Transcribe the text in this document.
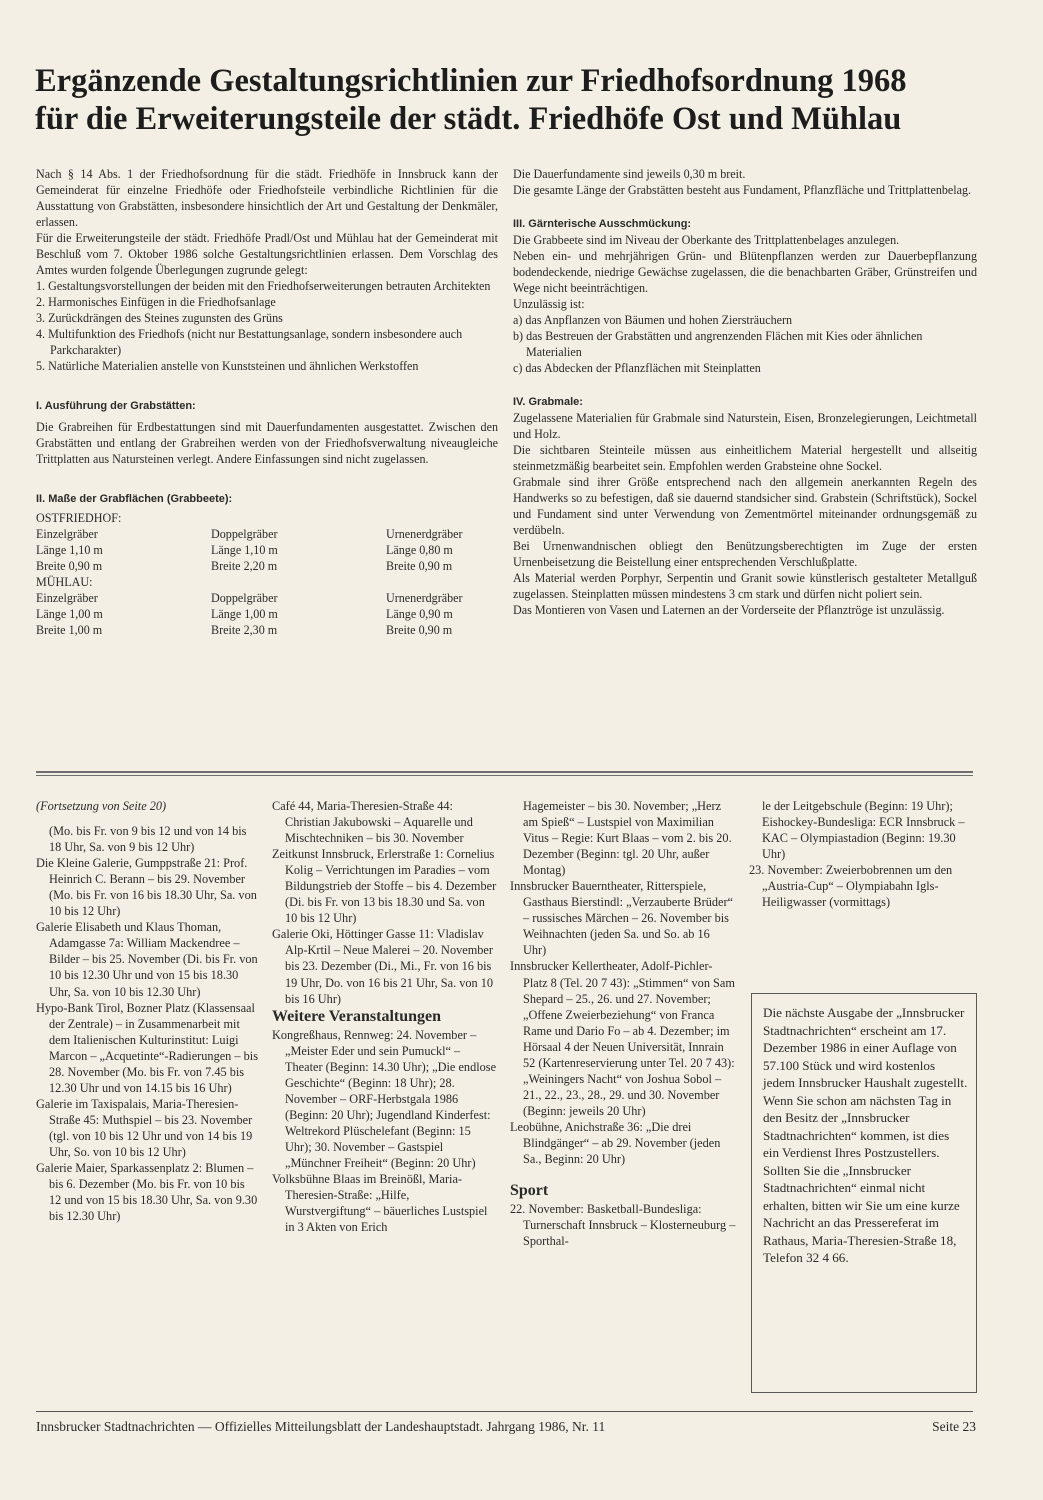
Ergänzende Gestaltungsrichtlinien zur Friedhofsordnung 1968
für die Erweiterungsteile der städt. Friedhöfe Ost und Mühlau

Nach § 14 Abs. 1 der Friedhofsordnung für die städt. Friedhöfe in Innsbruck kann der Gemeinderat für einzelne Friedhöfe oder Friedhofsteile verbindliche Richtlinien für die Ausstattung von Grabstätten, insbesondere hinsichtlich der Art und Gestaltung der Denkmäler, erlassen.

Für die Erweiterungsteile der städt. Friedhöfe Pradl/Ost und Mühlau hat der Gemeinderat mit Beschluß vom 7. Oktober 1986 solche Gestaltungsrichtlinien erlassen. Dem Vorschlag des Amtes wurden folgende Überlegungen zugrunde gelegt:

1. Gestaltungsvorstellungen der beiden mit den Friedhofserweiterungen betrauten Architekten
2. Harmonisches Einfügen in die Friedhofsanlage
3. Zurückdrängen des Steines zugunsten des Grüns
4. Multifunktion des Friedhofs (nicht nur Bestattungsanlage, sondern insbesondere auch Parkcharakter)
5. Natürliche Materialien anstelle von Kunststeinen und ähnlichen Werkstoffen

I. Ausführung der Grabstätten:

Die Grabreihen für Erdbestattungen sind mit Dauerfundamenten ausgestattet. Zwischen den Grabstätten und entlang der Grabreihen werden von der Friedhofsverwaltung niveaugleiche Trittplatten aus Natursteinen verlegt. Andere Einfassungen sind nicht zugelassen.

II. Maße der Grabflächen (Grabbeete):

OSTFRIEDHOF:

Einzelgräber	Doppelgräber	Urnenerdgräber
Länge 1,10 m	Länge 1,10 m	Länge 0,80 m
Breite 0,90 m	Breite 2,20 m	Breite 0,90 m

MÜHLAU:

Einzelgräber	Doppelgräber	Urnenerdgräber
Länge 1,00 m	Länge 1,00 m	Länge 0,90 m
Breite 1,00 m	Breite 2,30 m	Breite 0,90 m

Die Dauerfundamente sind jeweils 0,30 m breit.

Die gesamte Länge der Grabstätten besteht aus Fundament, Pflanzfläche und Trittplattenbelag.

III. Gärnterische Ausschmückung:

Die Grabbeete sind im Niveau der Oberkante des Trittplattenbelages anzulegen.

Neben ein- und mehrjährigen Grün- und Blütenpflanzen werden zur Dauerbepflanzung bodendeckende, niedrige Gewächse zugelassen, die die benachbarten Gräber, Grünstreifen und Wege nicht beeinträchtigen.

Unzulässig ist:

a) das Anpflanzen von Bäumen und hohen Ziersträuchern
b) das Bestreuen der Grabstätten und angrenzenden Flächen mit Kies oder ähnlichen Materialien
c) das Abdecken der Pflanzflächen mit Steinplatten

IV. Grabmale:

Zugelassene Materialien für Grabmale sind Naturstein, Eisen, Bronzelegierungen, Leichtmetall und Holz.

Die sichtbaren Steinteile müssen aus einheitlichem Material hergestellt und allseitig steinmetzmäßig bearbeitet sein. Empfohlen werden Grabsteine ohne Sockel.

Grabmale sind ihrer Größe entsprechend nach den allgemein anerkannten Regeln des Handwerks so zu befestigen, daß sie dauernd standsicher sind. Grabstein (Schriftstück), Sockel und Fundament sind unter Verwendung von Zementmörtel miteinander ordnungsgemäß zu verdübeln.

Bei Urnenwandnischen obliegt den Benützungsberechtigten im Zuge der ersten Urnenbeisetzung die Beistellung einer entsprechenden Verschlußplatte.

Als Material werden Porphyr, Serpentin und Granit sowie künstlerisch gestalteter Metallguß zugelassen. Steinplatten müssen mindestens 3 cm stark und dürfen nicht poliert sein.

Das Montieren von Vasen und Laternen an der Vorderseite der Pflanztröge ist unzulässig.

(Fortsetzung von Seite 20)

(Mo. bis Fr. von 9 bis 12 und von 14 bis 18 Uhr, Sa. von 9 bis 12 Uhr)

Die Kleine Galerie, Gumppstraße 21: Prof. Heinrich C. Berann – bis 29. November (Mo. bis Fr. von 16 bis 18.30 Uhr, Sa. von 10 bis 12 Uhr)

Galerie Elisabeth und Klaus Thoman, Adamgasse 7a: William Mackendree – Bilder – bis 25. November (Di. bis Fr. von 10 bis 12.30 Uhr und von 15 bis 18.30 Uhr, Sa. von 10 bis 12.30 Uhr)

Hypo-Bank Tirol, Bozner Platz (Klassensaal der Zentrale) – in Zusammenarbeit mit dem Italienischen Kulturinstitut: Luigi Marcon – „Acquetinte“-Radierungen – bis 28. November (Mo. bis Fr. von 7.45 bis 12.30 Uhr und von 14.15 bis 16 Uhr)

Galerie im Taxispalais, Maria-Theresien-Straße 45: Muthspiel – bis 23. November (tgl. von 10 bis 12 Uhr und von 14 bis 19 Uhr, So. von 10 bis 12 Uhr)

Galerie Maier, Sparkassenplatz 2: Blumen – bis 6. Dezember (Mo. bis Fr. von 10 bis 12 und von 15 bis 18.30 Uhr, Sa. von 9.30 bis 12.30 Uhr)

Café 44, Maria-Theresien-Straße 44: Christian Jakubowski – Aquarelle und Mischtechniken – bis 30. November

Zeitkunst Innsbruck, Erlerstraße 1: Cornelius Kolig – Verrichtungen im Paradies – vom Bildungstrieb der Stoffe – bis 4. Dezember (Di. bis Fr. von 13 bis 18.30 und Sa. von 10 bis 12 Uhr)

Galerie Oki, Höttinger Gasse 11: Vladislav Alp-Krtil – Neue Malerei – 20. November bis 23. Dezember (Di., Mi., Fr. von 16 bis 19 Uhr, Do. von 16 bis 21 Uhr, Sa. von 10 bis 16 Uhr)

Weitere Veranstaltungen

Kongreßhaus, Rennweg: 24. November – „Meister Eder und sein Pumuckl“ – Theater (Beginn: 14.30 Uhr); „Die endlose Geschichte“ (Beginn: 18 Uhr); 28. November – ORF-Herbstgala 1986 (Beginn: 20 Uhr); Jugendland Kinderfest: Weltrekord Plüschelefant (Beginn: 15 Uhr); 30. November – Gastspiel „Münchner Freiheit“ (Beginn: 20 Uhr)

Volksbühne Blaas im Breinößl, Maria-Theresien-Straße: „Hilfe, Wurstvergiftung“ – bäuerliches Lustspiel in 3 Akten von Erich

Hagemeister – bis 30. November; „Herz am Spieß“ – Lustspiel von Maximilian Vitus – Regie: Kurt Blaas – vom 2. bis 20. Dezember (Beginn: tgl. 20 Uhr, außer Montag)

Innsbrucker Bauerntheater, Ritterspiele, Gasthaus Bierstindl: „Verzauberte Brüder“ – russisches Märchen – 26. November bis Weihnachten (jeden Sa. und So. ab 16 Uhr)

Innsbrucker Kellertheater, Adolf-Pichler-Platz 8 (Tel. 20 7 43): „Stimmen“ von Sam Shepard – 25., 26. und 27. November; „Offene Zweierbeziehung“ von Franca Rame und Dario Fo – ab 4. Dezember; im Hörsaal 4 der Neuen Universität, Innrain 52 (Kartenreservierung unter Tel. 20 7 43): „Weiningers Nacht“ von Joshua Sobol – 21., 22., 23., 28., 29. und 30. November (Beginn: jeweils 20 Uhr)

Leobühne, Anichstraße 36: „Die drei Blindgänger“ – ab 29. November (jeden Sa., Beginn: 20 Uhr)

Sport

22. November: Basketball-Bundesliga: Turnerschaft Innsbruck – Klosterneuburg – Sporthal-

le der Leitgebschule (Beginn: 19 Uhr); Eishockey-Bundesliga: ECR Innsbruck – KAC – Olympiastadion (Beginn: 19.30 Uhr)

23. November: Zweierbobrennen um den „Austria-Cup“ – Olympiabahn Igls-Heiligwasser (vormittags)

Die nächste Ausgabe der „Innsbrucker Stadtnachrichten“ erscheint am 17. Dezember 1986 in einer Auflage von 57.100 Stück und wird kostenlos jedem Innsbrucker Haushalt zugestellt. Wenn Sie schon am nächsten Tag in den Besitz der „Innsbrucker Stadtnachrichten“ kommen, ist dies ein Verdienst Ihres Postzustellers. Sollten Sie die „Innsbrucker Stadtnachrichten“ einmal nicht erhalten, bitten wir Sie um eine kurze Nachricht an das Pressereferat im Rathaus, Maria-Theresien-Straße 18, Telefon 32 4 66.

Innsbrucker Stadtnachrichten — Offizielles Mitteilungsblatt der Landeshauptstadt. Jahrgang 1986, Nr. 11	Seite 23
